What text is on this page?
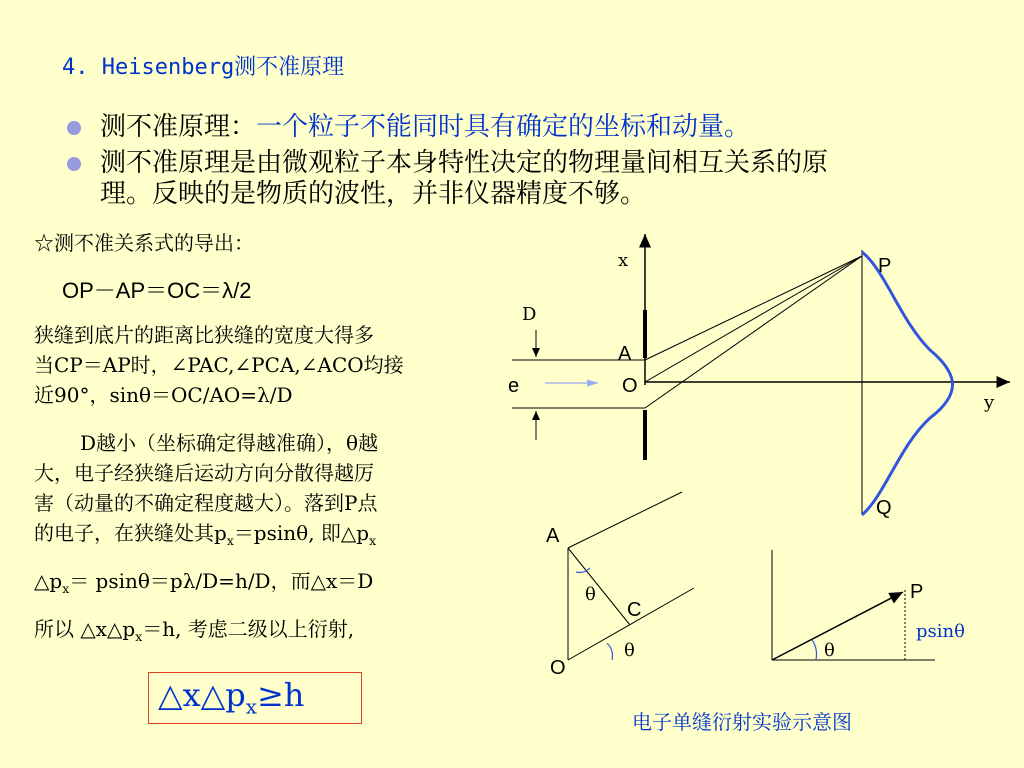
4. Heisenberg测不准原理
测不准原理：一个粒子不能同时具有确定的坐标和动量。
测不准原理是由微观粒子本身特性决定的物理量间相互关系的原
理。反映的是物质的波性，并非仪器精度不够。
☆测不准关系式的导出：
OP－AP＝OC＝λ/2
狭缝到底片的距离比狭缝的宽度大得多
当CP＝AP时，∠PAC,∠PCA,∠ACO均接
近90°，sinθ＝OC/AO=λ/D
D越小（坐标确定得越准确），θ越
大，电子经狭缝后运动方向分散得越厉
害（动量的不确定程度越大）。落到P点
的电子，在狭缝处其$p_x=psin\theta$, 即$\triangle p_x$
$\triangle p_x= psin\theta=p\lambda/D=h/D$，而△x＝D
所以 $\triangle x\triangle p_x=h$, 考虑二级以上衍射,
$\triangle x\triangle p_x\ge h$
x
y
P
Q
A
O
D
e
A
C
O
θ
θ
P
psinθ
θ
电子单缝衍射实验示意图
